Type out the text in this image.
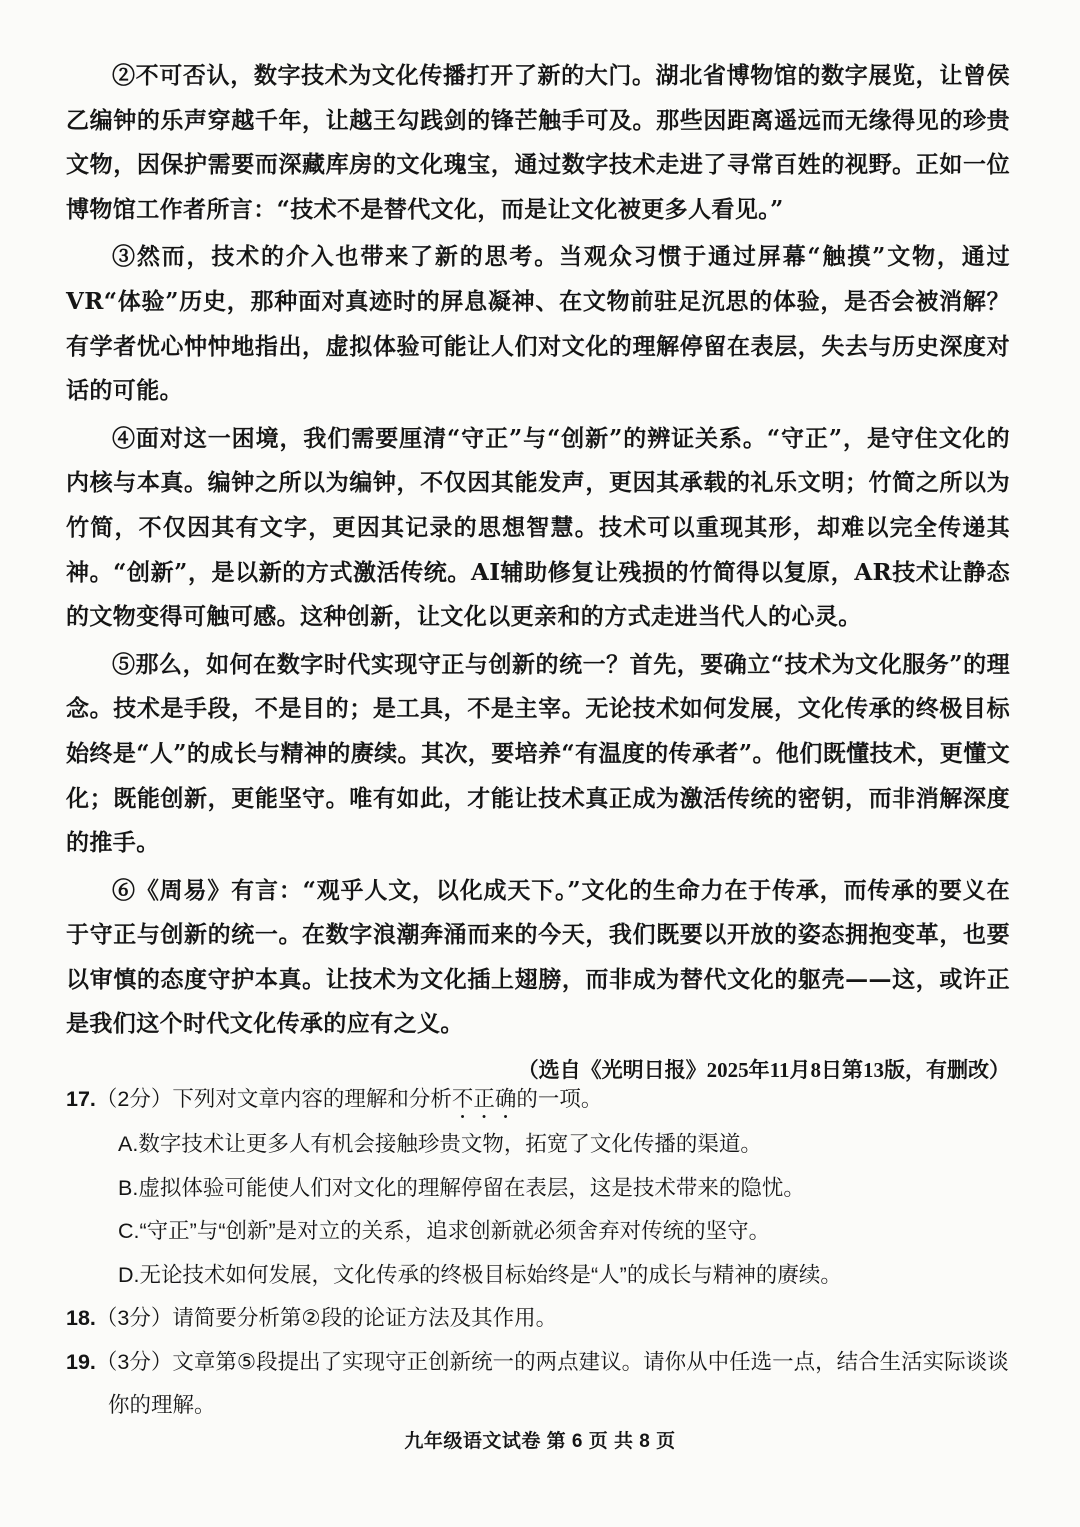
②不可否认，数字技术为文化传播打开了新的大门。湖北省博物馆的数字展览，让曾侯乙编钟的乐声穿越千年，让越王勾践剑的锋芒触手可及。那些因距离遥远而无缘得见的珍贵文物，因保护需要而深藏库房的文化瑰宝，通过数字技术走进了寻常百姓的视野。正如一位博物馆工作者所言：“技术不是替代文化，而是让文化被更多人看见。”

③然而，技术的介入也带来了新的思考。当观众习惯于通过屏幕“触摸”文物，通过VR“体验”历史，那种面对真迹时的屏息凝神、在文物前驻足沉思的体验，是否会被消解？有学者忧心忡忡地指出，虚拟体验可能让人们对文化的理解停留在表层，失去与历史深度对话的可能。

④面对这一困境，我们需要厘清“守正”与“创新”的辨证关系。“守正”，是守住文化的内核与本真。编钟之所以为编钟，不仅因其能发声，更因其承载的礼乐文明；竹简之所以为竹简，不仅因其有文字，更因其记录的思想智慧。技术可以重现其形，却难以完全传递其神。“创新”，是以新的方式激活传统。AI辅助修复让残损的竹简得以复原，AR技术让静态的文物变得可触可感。这种创新，让文化以更亲和的方式走进当代人的心灵。

⑤那么，如何在数字时代实现守正与创新的统一？首先，要确立“技术为文化服务”的理念。技术是手段，不是目的；是工具，不是主宰。无论技术如何发展，文化传承的终极目标始终是“人”的成长与精神的赓续。其次，要培养“有温度的传承者”。他们既懂技术，更懂文化；既能创新，更能坚守。唯有如此，才能让技术真正成为激活传统的密钥，而非消解深度的推手。

⑥《周易》有言：“观乎人文，以化成天下。”文化的生命力在于传承，而传承的要义在于守正与创新的统一。在数字浪潮奔涌而来的今天，我们既要以开放的姿态拥抱变革，也要以审慎的态度守护本真。让技术为文化插上翅膀，而非成为替代文化的躯壳——这，或许正是我们这个时代文化传承的应有之义。

（选自《光明日报》2025年11月8日第13版，有删改）

17.（2分）下列对文章内容的理解和分析不正确的一项。

A.数字技术让更多人有机会接触珍贵文物，拓宽了文化传播的渠道。

B.虚拟体验可能使人们对文化的理解停留在表层，这是技术带来的隐忧。

C.“守正”与“创新”是对立的关系，追求创新就必须舍弃对传统的坚守。

D.无论技术如何发展，文化传承的终极目标始终是“人”的成长与精神的赓续。

18.（3分）请简要分析第②段的论证方法及其作用。

19.（3分）文章第⑤段提出了实现守正创新统一的两点建议。请你从中任选一点，结合生活实际谈谈你的理解。

九年级语文试卷 第 6 页 共 8 页
